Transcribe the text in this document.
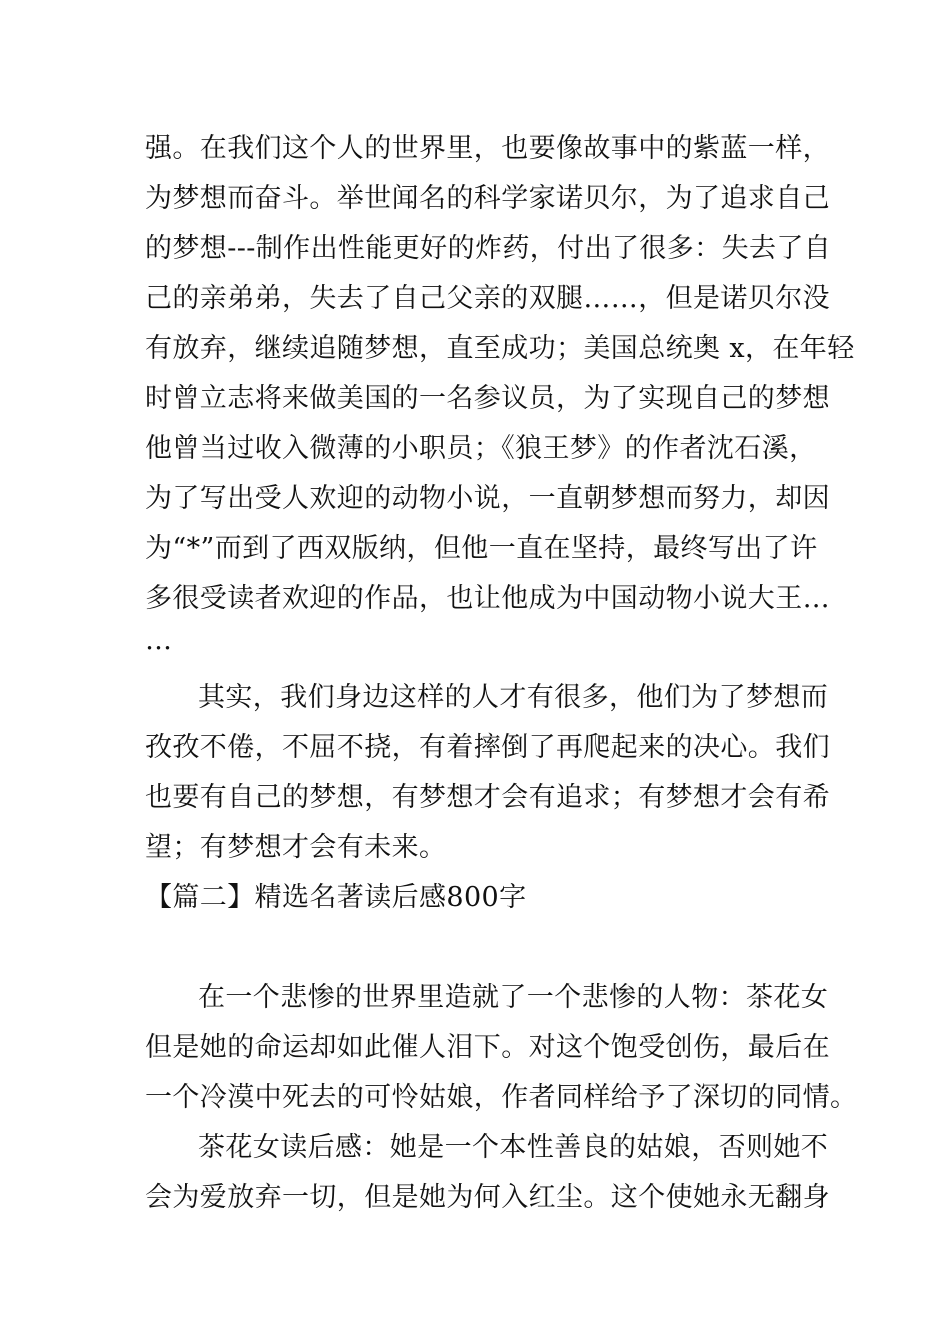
强。在我们这个人的世界里，也要像故事中的紫蓝一样，
为梦想而奋斗。举世闻名的科学家诺贝尔，为了追求自己
的梦想---制作出性能更好的炸药，付出了很多：失去了自
己的亲弟弟，失去了自己父亲的双腿……，但是诺贝尔没
有放弃，继续追随梦想，直至成功；美国总统奥 x，在年轻
时曾立志将来做美国的一名参议员，为了实现自己的梦想
他曾当过收入微薄的小职员；《狼王梦》的作者沈石溪，
为了写出受人欢迎的动物小说，一直朝梦想而努力，却因
为“*”而到了西双版纳，但他一直在坚持，最终写出了许
多很受读者欢迎的作品，也让他成为中国动物小说大王…
…
其实，我们身边这样的人才有很多，他们为了梦想而
孜孜不倦，不屈不挠，有着摔倒了再爬起来的决心。我们
也要有自己的梦想，有梦想才会有追求；有梦想才会有希
望；有梦想才会有未来。
【篇二】精选名著读后感800字
在一个悲惨的世界里造就了一个悲惨的人物：茶花女
但是她的命运却如此催人泪下。对这个饱受创伤，最后在
一个冷漠中死去的可怜姑娘，作者同样给予了深切的同情。
茶花女读后感：她是一个本性善良的姑娘，否则她不
会为爱放弃一切，但是她为何入红尘。这个使她永无翻身
